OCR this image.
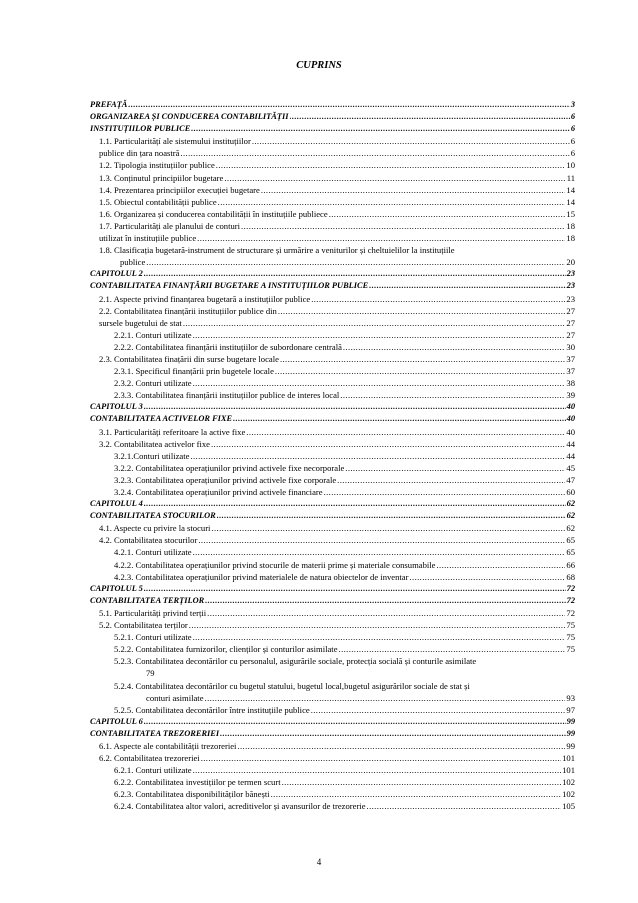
CUPRINS
PREFAȚĂ .....	3
ORGANIZAREA ȘI CONDUCEREA CONTABILITĂȚII .....	6
INSTITUȚIILOR PUBLICE .....	6
1.1. Particularitățí ale sistemului instituțiilor .....	6
publice din țara noastră .....	6
1.2. Tipologia instituțiilor publice .....	10
1.3. Conținutul principiilor bugetare .....	11
1.4. Prezentarea principiilor execuției bugetare .....	14
1.5. Obiectul contabilității publice .....	14
1.6. Organizarea și conducerea contabilității în instituțiile publiece .....	15
1.7. Particularități ale planului de conturi .....	18
utilizat în instituțiile publice .....	18
1.8. Clasificația bugetară-instrument de structurare și urmărire a veniturilor și cheltuielilor la instituțiile
publice .....	20
CAPITOLUL 2 .....	23
CONTABILITATEA FINANȚĂRII BUGETARE A INSTITUȚIILOR PUBLICE .....	23
2.1. Aspecte privind finanțarea bugetară a instituțiilor publice .....	23
2.2. Contabilitatea finanțării instituțiilor publice din .....	27
sursele bugetului de stat .....	27
2.2.1. Conturi utilizate .....	27
2.2.2. Contabilitatea finanțării instituțiilor de subordonare centrală .....	30
2.3. Contabilitatea finațării din surse bugetare locale .....	37
2.3.1. Specificul finanțării prin bugetele locale .....	37
2.3.2. Conturi utilizate .....	38
2.3.3. Contabilitatea finanțării instituțiilor publice de interes local .....	39
CAPITOLUL 3 .....	40
CONTABILITATEA ACTIVELOR FIXE .....	40
3.1. Particularități referitoare la active fixe .....	40
3.2. Contabilitatea activelor fixe .....	44
3.2.1.Conturi utilizate .....	44
3.2.2. Contabilitatea operațiunilor privind activele fixe necorporale .....	45
3.2.3. Contabilitatea operațiunilor privind activele fixe corporale .....	47
3.2.4. Contabilitatea operațiunilor privind activele financiare .....	60
CAPITOLUL 4 .....	62
CONTABILITATEA STOCURILOR .....	62
4.1. Aspecte cu privire la stocuri .....	62
4.2. Contabilitatea stocurilor .....	65
4.2.1. Conturi utilizate .....	65
4.2.2. Contabilitatea operațiunilor privind stocurile de materii prime și materiale consumabile .....	66
4.2.3. Contabilitatea operațiunilor privind materialele de natura obiectelor de inventar .....	68
CAPITOLUL 5 .....	72
CONTABILITATEA TERȚILOR .....	72
5.1. Particularități privind terții .....	72
5.2. Contabilitatea terților .....	75
5.2.1. Conturi utilizate .....	75
5.2.2. Contabilitatea furnizorilor, clienților și conturilor asimilate .....	75
5.2.3. Contabilitatea decontărilor cu personalul, asigurările sociale, protecția socială și conturile asimilate
79
5.2.4. Contabilitatea decontărilor cu bugetul statului, bugetul local,bugetul asigurărilor sociale de stat și
conturi asimilate .....	93
5.2.5. Contabilitatea decontărilor între instituțiile publice .....	97
CAPITOLUL 6 .....	99
CONTABILITATEA TREZORERIEI .....	99
6.1. Aspecte ale contabilității trezoreriei .....	99
6.2. Contabilitatea trezoreriei .....	101
6.2.1. Conturi utilizate .....	101
6.2.2. Contabilitatea investițiilor pe termen scurt .....	102
6.2.3. Contabilitatea disponibilităților bănești .....	102
6.2.4. Contabilitatea altor valori, acreditivelor și avansurilor de trezorerie .....	105
4
